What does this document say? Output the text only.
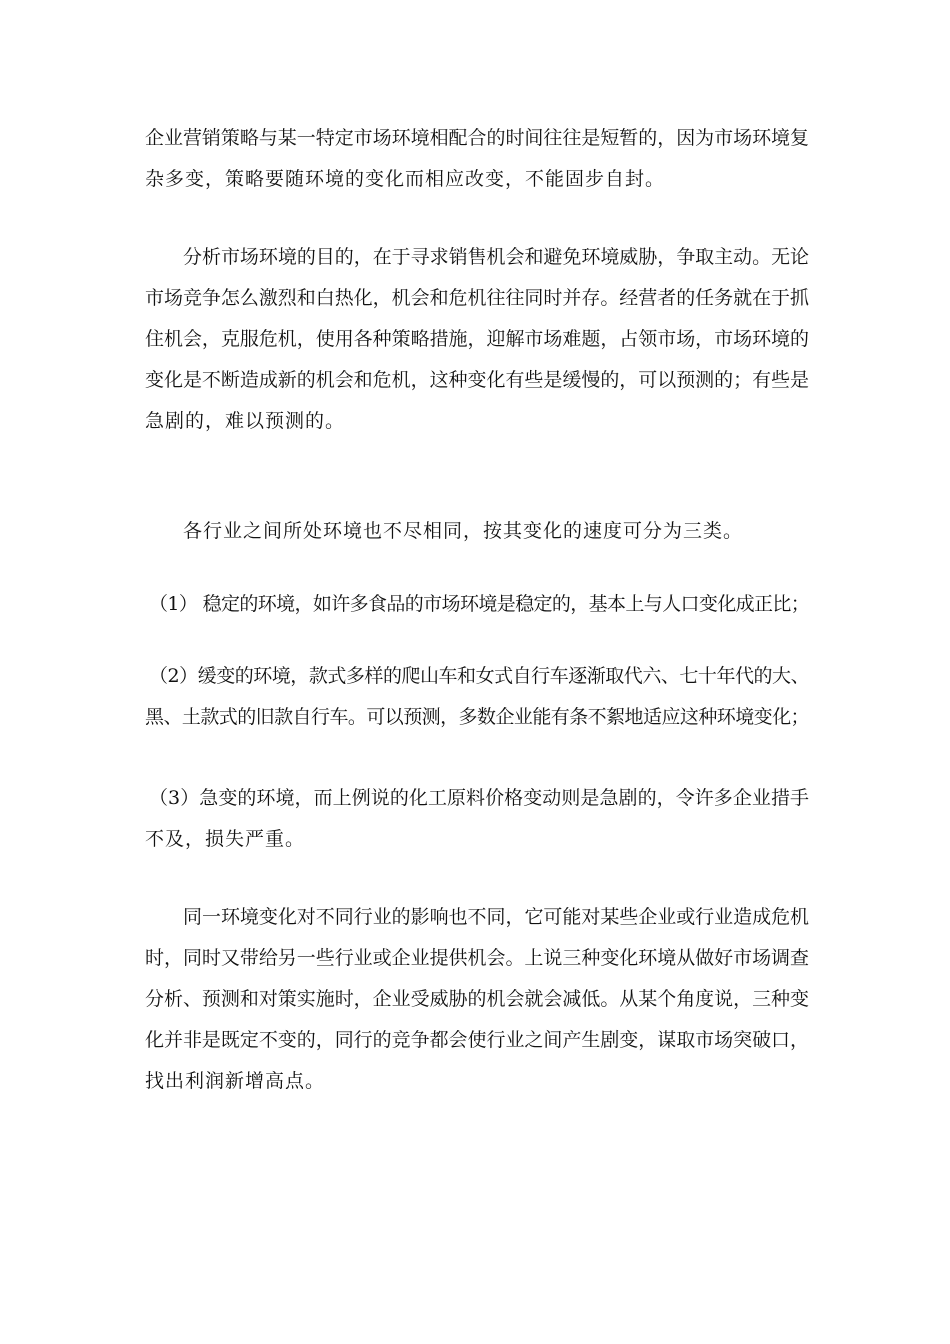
企业营销策略与某一特定市场环境相配合的时间往往是短暂的，因为市场环境复
杂多变，策略要随环境的变化而相应改变，不能固步自封。

分析市场环境的目的，在于寻求销售机会和避免环境威胁，争取主动。无论
市场竞争怎么激烈和白热化，机会和危机往往同时并存。经营者的任务就在于抓
住机会，克服危机，使用各种策略措施，迎解市场难题，占领市场，市场环境的
变化是不断造成新的机会和危机，这种变化有些是缓慢的，可以预测的；有些是
急剧的，难以预测的。

各行业之间所处环境也不尽相同，按其变化的速度可分为三类。

（1） 稳定的环境，如许多食品的市场环境是稳定的，基本上与人口变化成正比；

（2）缓变的环境，款式多样的爬山车和女式自行车逐渐取代六、七十年代的大、
黑、土款式的旧款自行车。可以预测，多数企业能有条不絮地适应这种环境变化；

（3）急变的环境，而上例说的化工原料价格变动则是急剧的，令许多企业措手
不及，损失严重。

同一环境变化对不同行业的影响也不同，它可能对某些企业或行业造成危机
时，同时又带给另一些行业或企业提供机会。上说三种变化环境从做好市场调查
分析、预测和对策实施时，企业受威胁的机会就会减低。从某个角度说，三种变
化并非是既定不变的，同行的竞争都会使行业之间产生剧变，谋取市场突破口，
找出利润新增高点。
